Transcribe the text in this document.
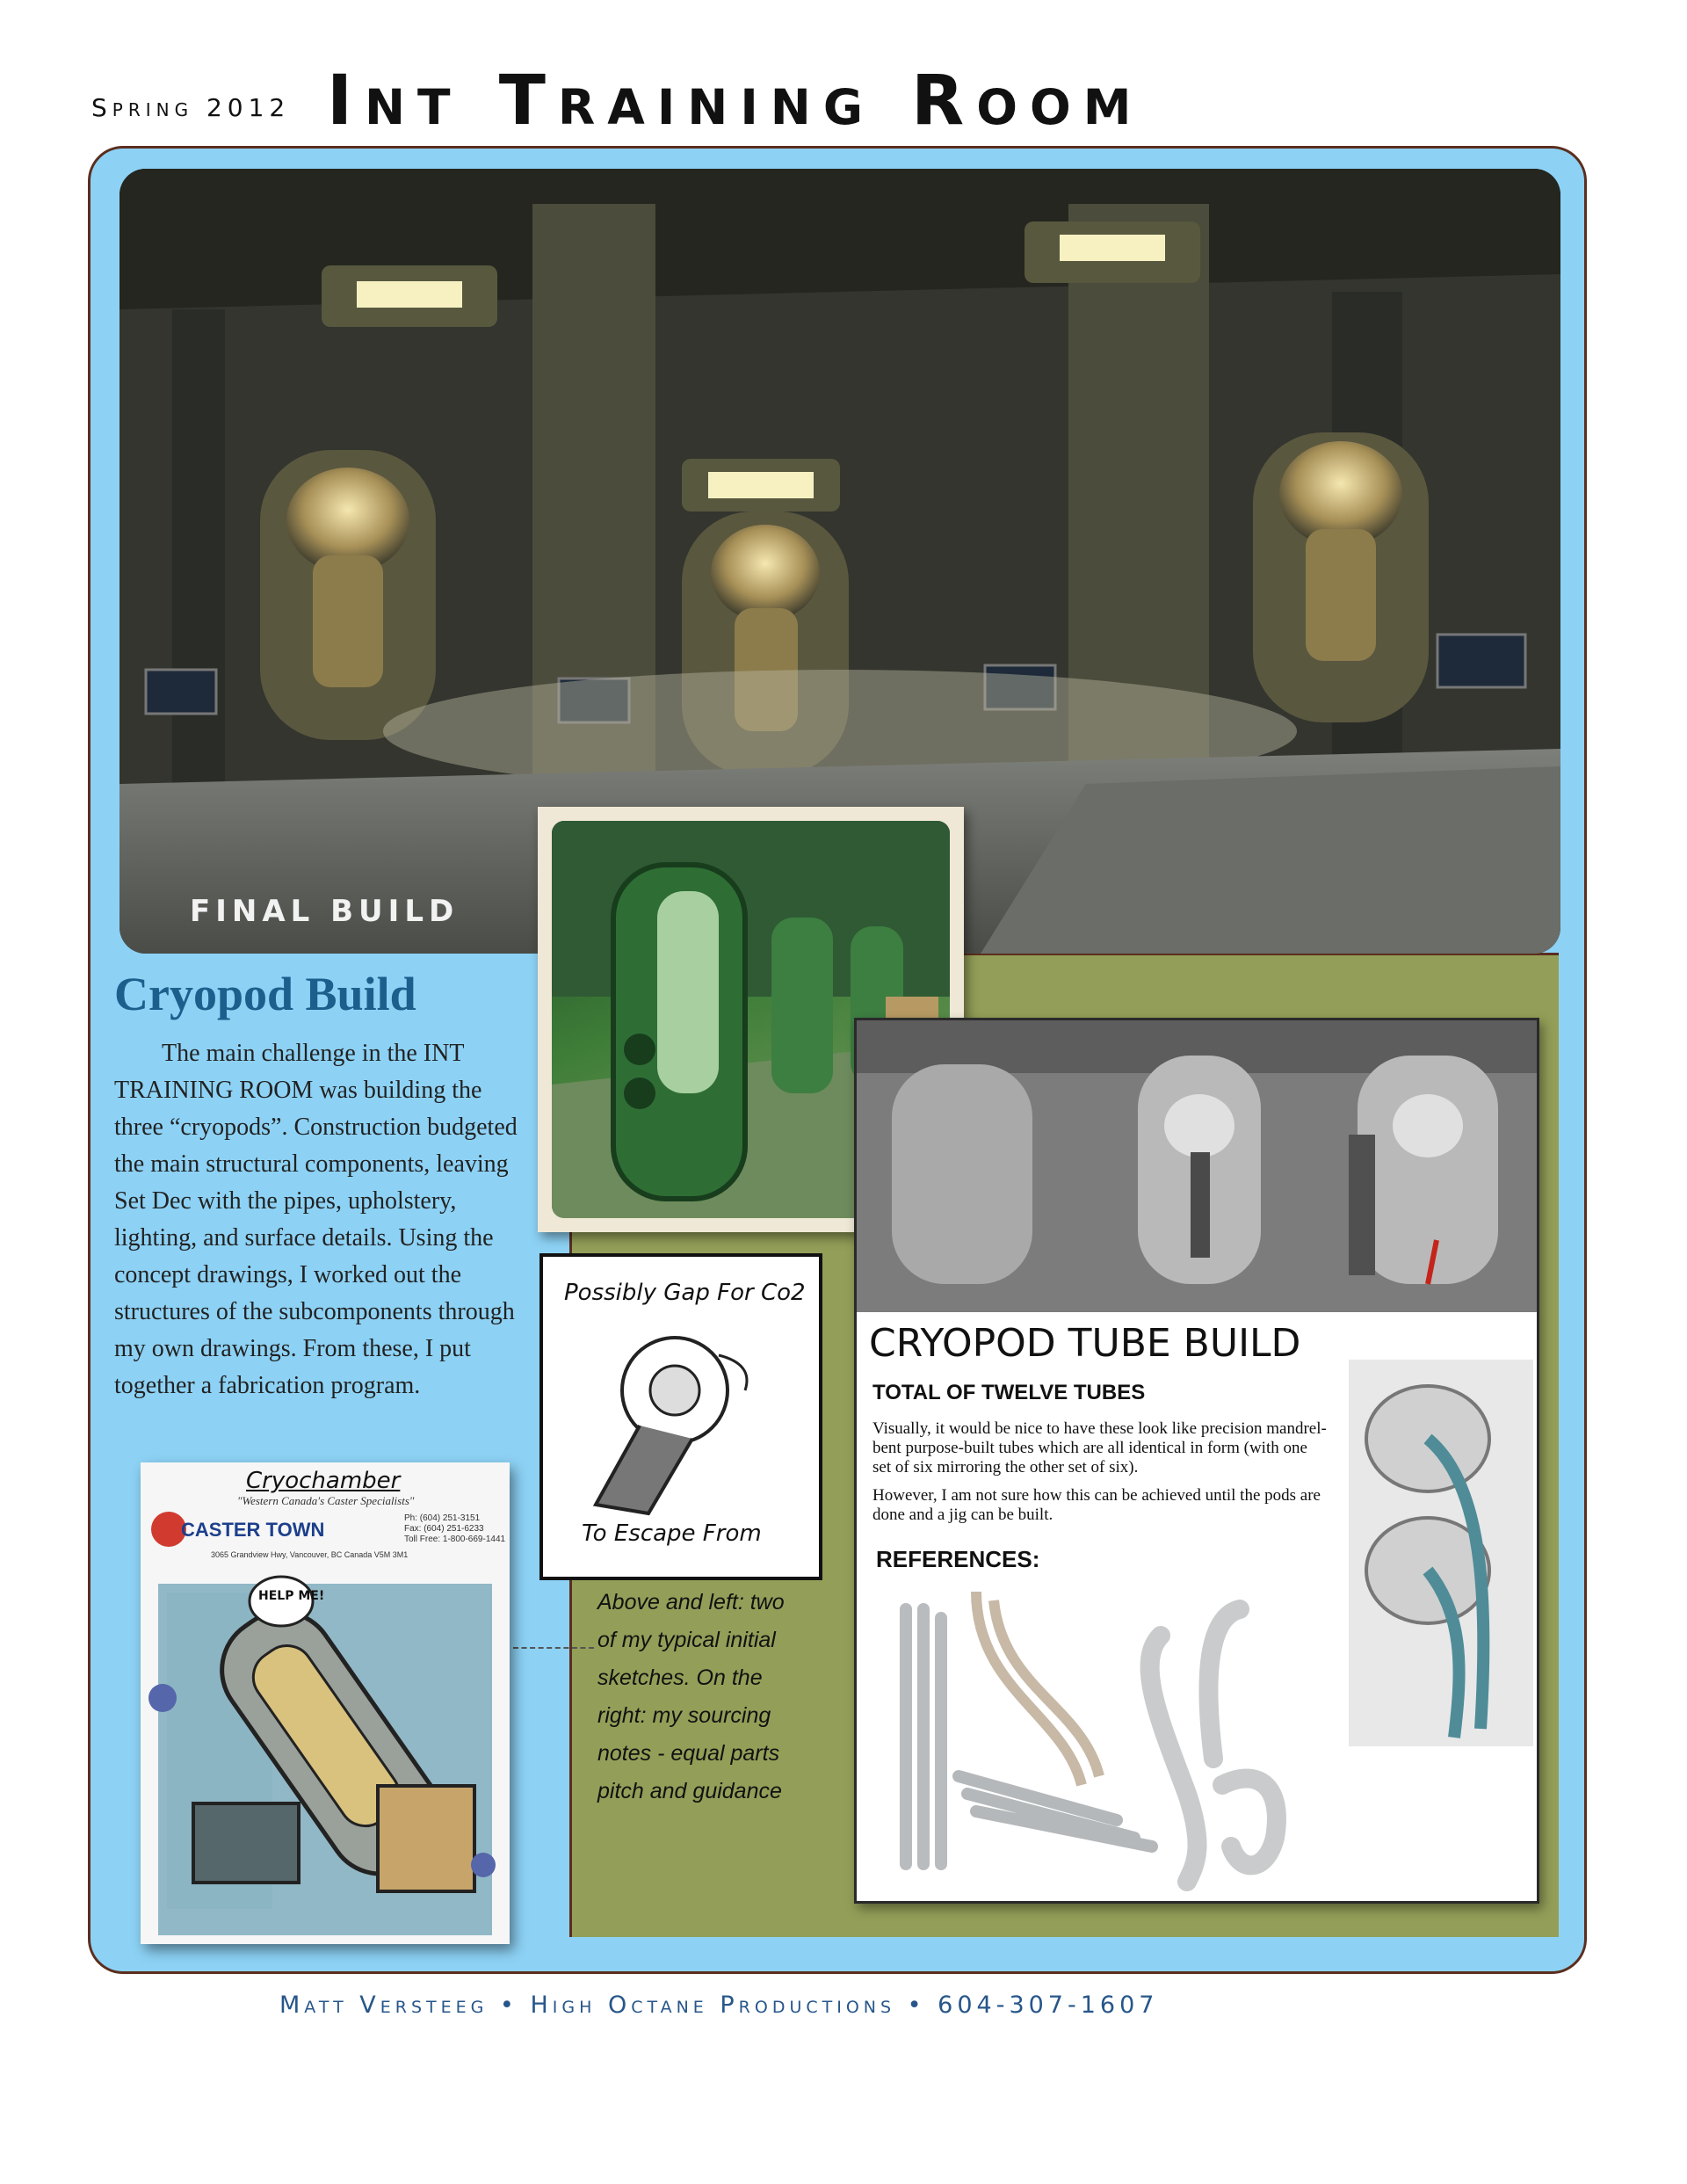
Spring 2012 Int Training Room
FINAL BUILD
Cryopod Build

The main challenge in the INT TRAINING ROOM was building the three “cryopods”. Construction budgeted the main structural components, leaving Set Dec with the pipes, upholstery, lighting, and surface details. Using the concept drawings, I worked out the structures of the subcomponents through my own drawings. From these, I put together a fabrication program.

Possibly Gap For Co2
To Escape From

Above and left: two of my typical initial sketches. On the right: my sourcing notes - equal parts pitch and guidance

Cryochamber
"Western Canada's Caster Specialists"
CASTER TOWN
Ph: (604) 251-3151
Fax: (604) 251-6233
Toll Free: 1-800-669-1441
3065 Grandview Hwy, Vancouver, BC Canada V5M 3M1
HELP ME!
CRYOPOD TUBE BUILD
TOTAL OF TWELVE TUBES
Visually, it would be nice to have these look like precision mandrel-bent purpose-built tubes which are all identical in form (with one set of six mirroring the other set of six).
However, I am not sure how this can be achieved until the pods are done and a jig can be built.
REFERENCES:
Matt Versteeg • High Octane Productions • 604-307-1607
